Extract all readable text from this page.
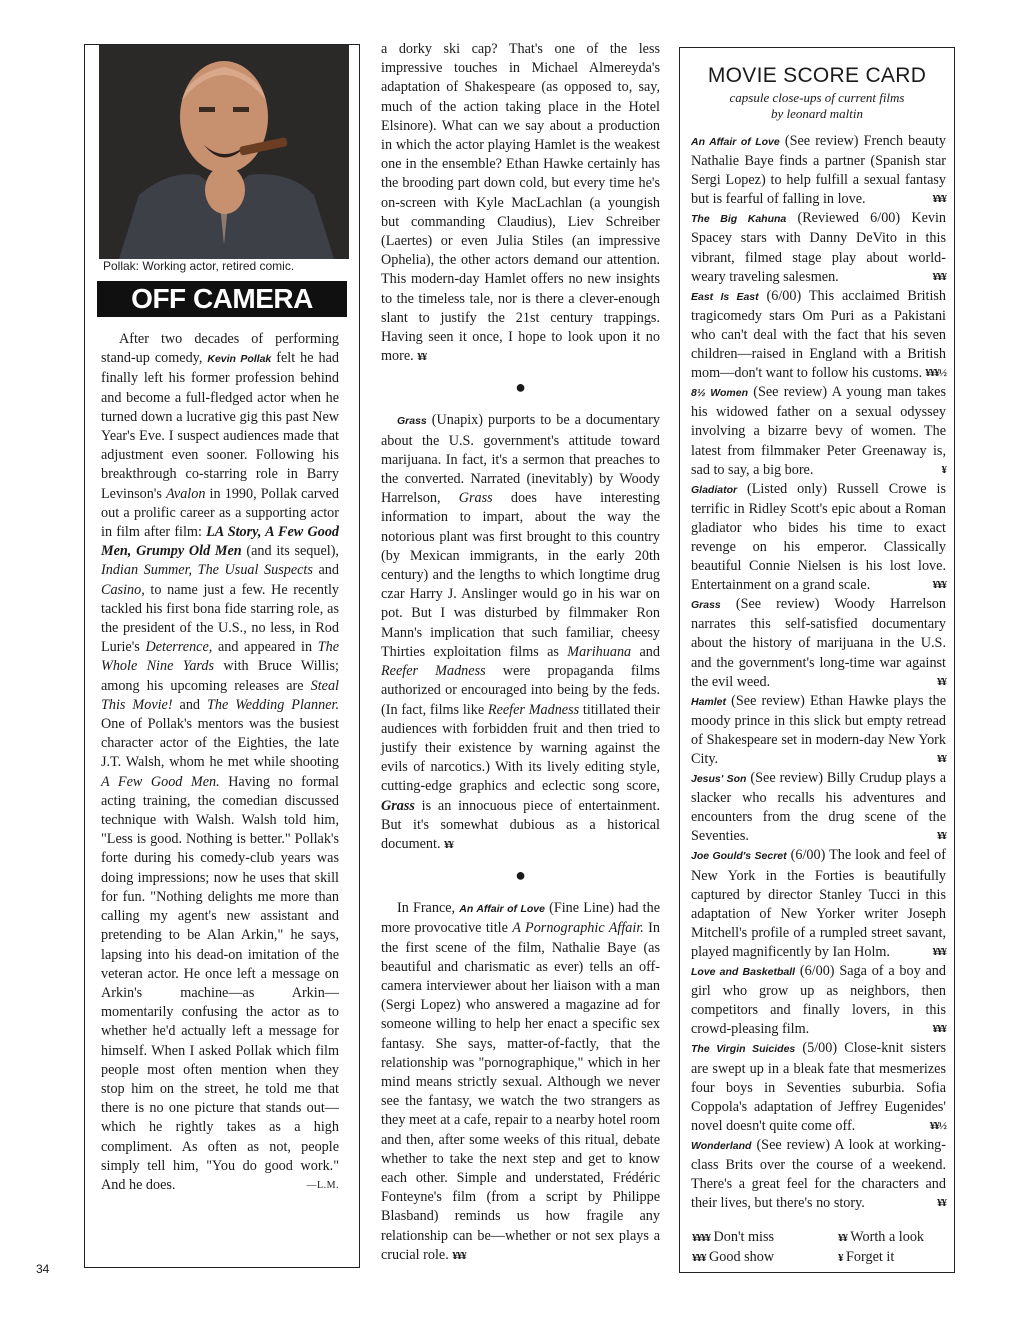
Pollak: Working actor, retired comic.
OFF CAMERA

After two decades of performing stand-up comedy, Kevin Pollak felt he had finally left his former profession behind and become a full-fledged actor when he turned down a lucrative gig this past New Year's Eve. I suspect audiences made that adjustment even sooner. Following his breakthrough co-starring role in Barry Levinson's Avalon in 1990, Pollak carved out a prolific career as a supporting actor in film after film: LA Story, A Few Good Men, Grumpy Old Men (and its sequel), Indian Summer, The Usual Suspects and Casino, to name just a few. He recently tackled his first bona fide starring role, as the president of the U.S., no less, in Rod Lurie's Deterrence, and appeared in The Whole Nine Yards with Bruce Willis; among his upcoming releases are Steal This Movie! and The Wedding Planner. One of Pollak's mentors was the busiest character actor of the Eighties, the late J.T. Walsh, whom he met while shooting A Few Good Men. Having no formal acting training, the comedian discussed technique with Walsh. Walsh told him, "Less is good. Nothing is better." Pollak's forte during his comedy-club years was doing impressions; now he uses that skill for fun. "Nothing delights me more than calling my agent's new assistant and pretending to be Alan Arkin," he says, lapsing into his dead-on imitation of the veteran actor. He once left a message on Arkin's machine—as Arkin—momentarily confusing the actor as to whether he'd actually left a message for himself. When I asked Pollak which film people most often mention when they stop him on the street, he told me that there is no one picture that stands out—which he rightly takes as a high compliment. As often as not, people simply tell him, "You do good work." And he does.	—L.M.

34

a dorky ski cap? That's one of the less impressive touches in Michael Almereyda's adaptation of Shakespeare (as opposed to, say, much of the action taking place in the Hotel Elsinore). What can we say about a production in which the actor playing Hamlet is the weakest one in the ensemble? Ethan Hawke certainly has the brooding part down cold, but every time he's on-screen with Kyle MacLachlan (a youngish but commanding Claudius), Liev Schreiber (Laertes) or even Julia Stiles (an impressive Ophelia), the other actors demand our attention. This modern-day Hamlet offers no new insights to the timeless tale, nor is there a clever-enough slant to justify the 21st century trappings. Having seen it once, I hope to look upon it no more. ¥¥

●

Grass (Unapix) purports to be a documentary about the U.S. government's attitude toward marijuana. In fact, it's a sermon that preaches to the converted. Narrated (inevitably) by Woody Harrelson, Grass does have interesting information to impart, about the way the notorious plant was first brought to this country (by Mexican immigrants, in the early 20th century) and the lengths to which longtime drug czar Harry J. Anslinger would go in his war on pot. But I was disturbed by filmmaker Ron Mann's implication that such familiar, cheesy Thirties exploitation films as Marihuana and Reefer Madness were propaganda films authorized or encouraged into being by the feds. (In fact, films like Reefer Madness titillated their audiences with forbidden fruit and then tried to justify their existence by warning against the evils of narcotics.) With its lively editing style, cutting-edge graphics and eclectic song score, Grass is an innocuous piece of entertainment. But it's somewhat dubious as a historical document. ¥¥

●

In France, An Affair of Love (Fine Line) had the more provocative title A Pornographic Affair. In the first scene of the film, Nathalie Baye (as beautiful and charismatic as ever) tells an off-camera interviewer about her liaison with a man (Sergi Lopez) who answered a magazine ad for someone willing to help her enact a specific sex fantasy. She says, matter-of-factly, that the relationship was "pornographique," which in her mind means strictly sexual. Although we never see the fantasy, we watch the two strangers as they meet at a cafe, repair to a nearby hotel room and then, after some weeks of this ritual, debate whether to take the next step and get to know each other. Simple and understated, Frédéric Fonteyne's film (from a script by Philippe Blasband) reminds us how fragile any relationship can be—whether or not sex plays a crucial role. ¥¥¥

MOVIE SCORE CARD
capsule close-ups of current films
by leonard maltin

An Affair of Love (See review) French beauty Nathalie Baye finds a partner (Spanish star Sergi Lopez) to help fulfill a sexual fantasy but is fearful of falling in love.	¥¥¥

The Big Kahuna (Reviewed 6/00) Kevin Spacey stars with Danny DeVito in this vibrant, filmed stage play about world-weary traveling salesmen.	¥¥¥

East Is East (6/00) This acclaimed British tragicomedy stars Om Puri as a Pakistani who can't deal with the fact that his seven children—raised in England with a British mom—don't want to follow his customs. ¥¥¥½

8½ Women (See review) A young man takes his widowed father on a sexual odyssey involving a bizarre bevy of women. The latest from filmmaker Peter Greenaway is, sad to say, a big bore.	¥

Gladiator (Listed only) Russell Crowe is terrific in Ridley Scott's epic about a Roman gladiator who bides his time to exact revenge on his emperor. Classically beautiful Connie Nielsen is his lost love. Entertainment on a grand scale.	¥¥¥

Grass (See review) Woody Harrelson narrates this self-satisfied documentary about the history of marijuana in the U.S. and the government's long-time war against the evil weed.	¥¥

Hamlet (See review) Ethan Hawke plays the moody prince in this slick but empty retread of Shakespeare set in modern-day New York City.	¥¥

Jesus' Son (See review) Billy Crudup plays a slacker who recalls his adventures and encounters from the drug scene of the Seventies.	¥¥

Joe Gould's Secret (6/00) The look and feel of New York in the Forties is beautifully captured by director Stanley Tucci in this adaptation of New Yorker writer Joseph Mitchell's profile of a rumpled street savant, played magnificently by Ian Holm.	¥¥¥

Love and Basketball (6/00) Saga of a boy and girl who grow up as neighbors, then competitors and finally lovers, in this crowd-pleasing film.	¥¥¥

The Virgin Suicides (5/00) Close-knit sisters are swept up in a bleak fate that mesmerizes four boys in Seventies suburbia. Sofia Coppola's adaptation of Jeffrey Eugenides' novel doesn't quite come off.	¥¥½

Wonderland (See review) A look at working-class Brits over the course of a weekend. There's a great feel for the characters and their lives, but there's no story.	¥¥

¥¥¥¥ Don't miss	¥¥ Worth a look
¥¥¥ Good show	¥ Forget it
